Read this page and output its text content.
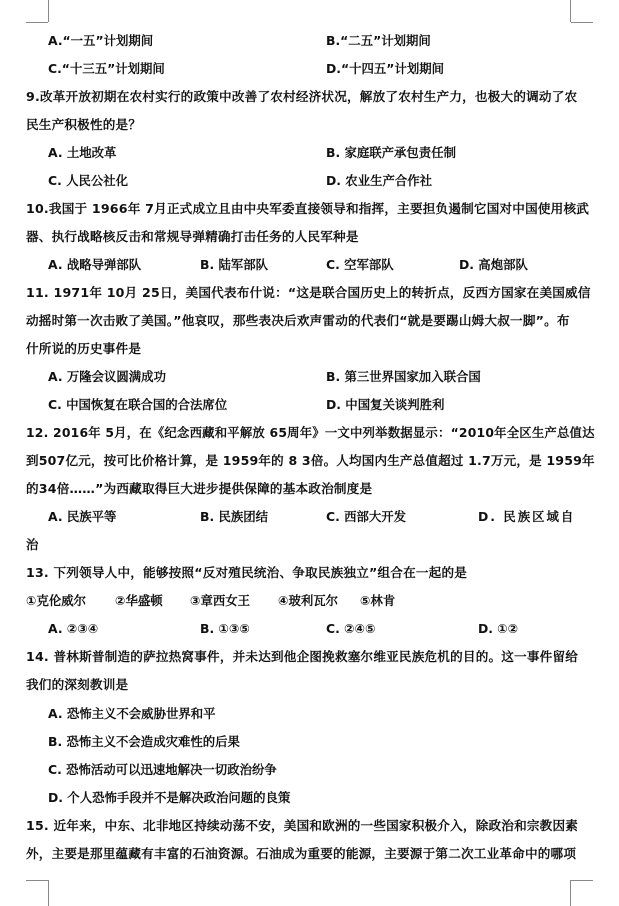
A.“一五”计划期间	B.“二五”计划期间
C.“十三五”计划期间	D.“十四五”计划期间
9.改革开放初期在农村实行的政策中改善了农村经济状况，解放了农村生产力，也极大的调动了农
民生产积极性的是？
A. 土地改革	B. 家庭联产承包责任制
C. 人民公社化	D. 农业生产合作社
10.我国于 1966年 7月正式成立且由中央军委直接领导和指挥，主要担负遏制它国对中国使用核武
器、执行战略核反击和常规导弹精确打击任务的人民军种是
A. 战略导弹部队	B. 陆军部队	C. 空军部队	D. 高炮部队
11. 1971年 10月 25日，美国代表布什说：“这是联合国历史上的转折点，反西方国家在美国威信
动摇时第一次击败了美国。”他哀叹，那些表决后欢声雷动的代表们“就是要踢山姆大叔一脚”。布
什所说的历史事件是
A. 万隆会议圆满成功	B. 第三世界国家加入联合国
C. 中国恢复在联合国的合法席位	D. 中国复关谈判胜利
12. 2016年 5月，在《纪念西藏和平解放 65周年》一文中列举数据显示：“2010年全区生产总值达
到507亿元，按可比价格计算，是 1959年的 8 3倍。人均国内生产总值超过 1.7万元，是 1959年
的34倍……”为西藏取得巨大进步提供保障的基本政治制度是
A. 民族平等	B. 民族团结	C. 西部大开发	D. 民族区域自
治
13. 下列领导人中，能够按照“反对殖民统治、争取民族独立”组合在一起的是
①克伦威尔 ②华盛顿 ③章西女王 ④玻利瓦尔 ⑤林肯
A. ②③④	B. ①③⑤	C. ②④⑤	D. ①②
14. 普林斯普制造的萨拉热窝事件，并未达到他企图挽救塞尔维亚民族危机的目的。这一事件留给
我们的深刻教训是
A. 恐怖主义不会威胁世界和平
B. 恐怖主义不会造成灾难性的后果
C. 恐怖活动可以迅速地解决一切政治纷争
D. 个人恐怖手段并不是解决政治问题的良策
15. 近年来，中东、北非地区持续动荡不安，美国和欧洲的一些国家积极介入，除政治和宗教因素
外，主要是那里蕴藏有丰富的石油资源。石油成为重要的能源，主要源于第二次工业革命中的哪项
